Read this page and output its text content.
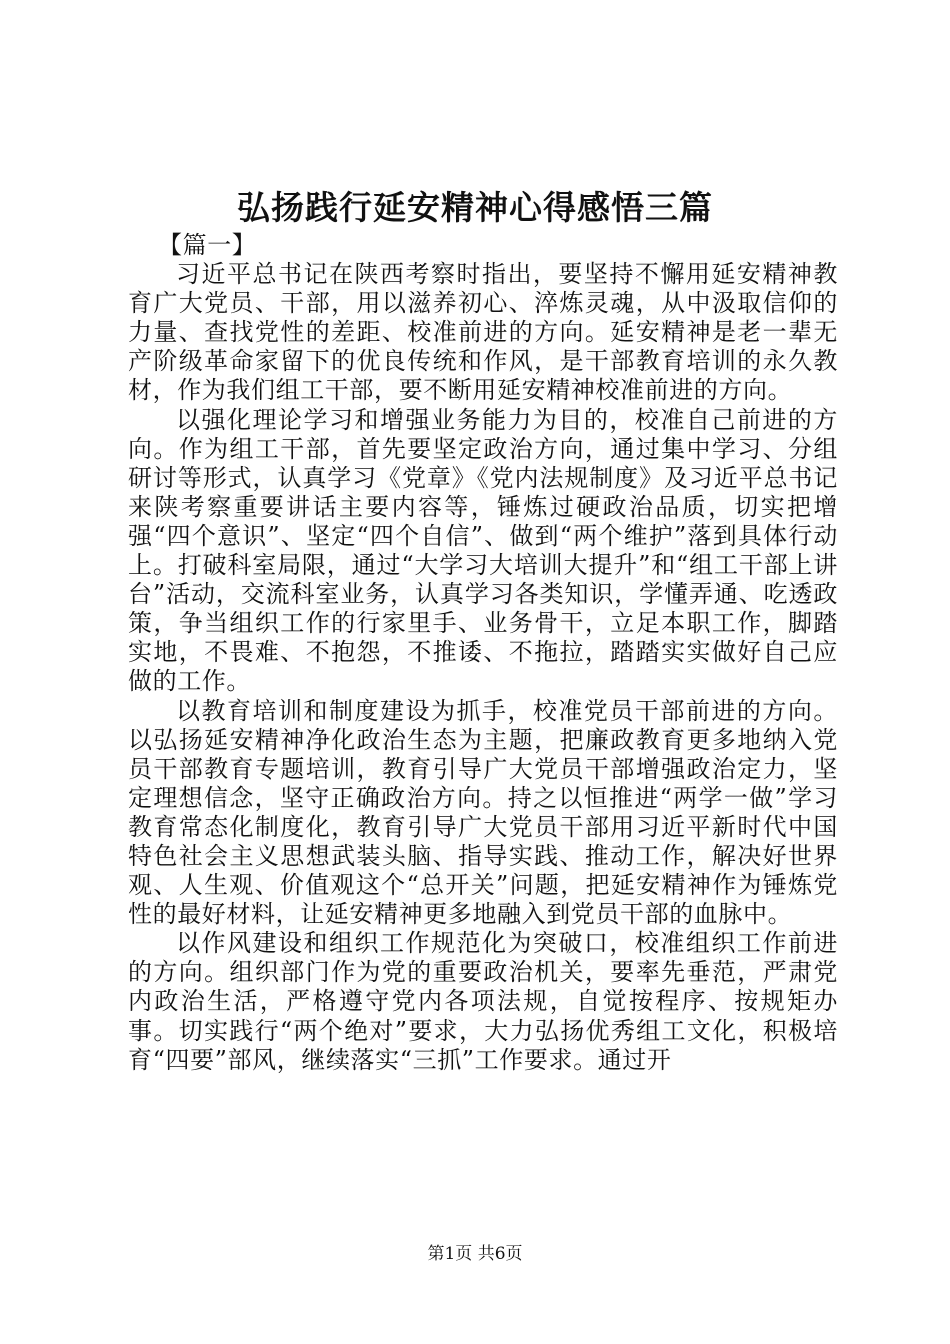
弘扬践行延安精神心得感悟三篇

【篇一】

习近平总书记在陕西考察时指出，要坚持不懈用延安精神教育广大党员、干部，用以滋养初心、淬炼灵魂，从中汲取信仰的力量、查找党性的差距、校准前进的方向。延安精神是老一辈无产阶级革命家留下的优良传统和作风，是干部教育培训的永久教材，作为我们组工干部，要不断用延安精神校准前进的方向。

以强化理论学习和增强业务能力为目的，校准自己前进的方向。作为组工干部，首先要坚定政治方向，通过集中学习、分组研讨等形式，认真学习《党章》《党内法规制度》及习近平总书记来陕考察重要讲话主要内容等，锤炼过硬政治品质，切实把增强“四个意识”、坚定“四个自信”、做到“两个维护”落到具体行动上。打破科室局限，通过“大学习大培训大提升”和“组工干部上讲台”活动，交流科室业务，认真学习各类知识，学懂弄通、吃透政策，争当组织工作的行家里手、业务骨干，立足本职工作，脚踏实地，不畏难、不抱怨，不推诿、不拖拉，踏踏实实做好自己应做的工作。

以教育培训和制度建设为抓手，校准党员干部前进的方向。以弘扬延安精神净化政治生态为主题，把廉政教育更多地纳入党员干部教育专题培训，教育引导广大党员干部增强政治定力，坚定理想信念，坚守正确政治方向。持之以恒推进“两学一做”学习教育常态化制度化，教育引导广大党员干部用习近平新时代中国特色社会主义思想武装头脑、指导实践、推动工作，解决好世界观、人生观、价值观这个“总开关”问题，把延安精神作为锤炼党性的最好材料，让延安精神更多地融入到党员干部的血脉中。

以作风建设和组织工作规范化为突破口，校准组织工作前进的方向。组织部门作为党的重要政治机关，要率先垂范，严肃党内政治生活，严格遵守党内各项法规，自觉按程序、按规矩办事。切实践行“两个绝对”要求，大力弘扬优秀组工文化，积极培育“四要”部风，继续落实“三抓”工作要求。通过开

第1页 共6页
